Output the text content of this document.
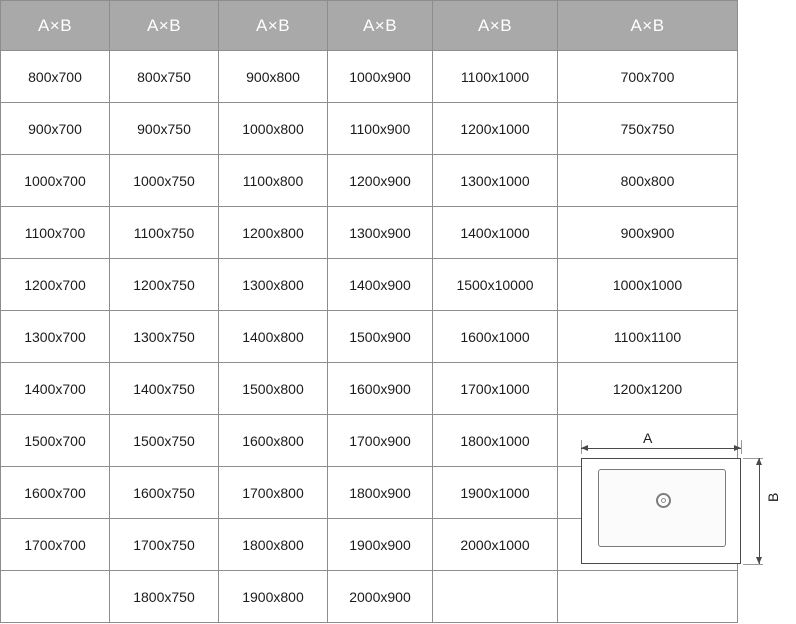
A×B	A×B	A×B	A×B	A×B	A×B
800x700	800x750	900x800	1000x900	1100x1000	700x700
900x700	900x750	1000x800	1100x900	1200x1000	750x750
1000x700	1000x750	1100x800	1200x900	1300x1000	800x800
1100x700	1100x750	1200x800	1300x900	1400x1000	900x900
1200x700	1200x750	1300x800	1400x900	1500x10000	1000x1000
1300x700	1300x750	1400x800	1500x900	1600x1000	1100x1100
1400x700	1400x750	1500x800	1600x900	1700x1000	1200x1200
1500x700	1500x750	1600x800	1700x900	1800x1000	
1600x700	1600x750	1700x800	1800x900	1900x1000	
1700x700	1700x750	1800x800	1900x900	2000x1000	
	1800x750	1900x800	2000x900		
A
B
